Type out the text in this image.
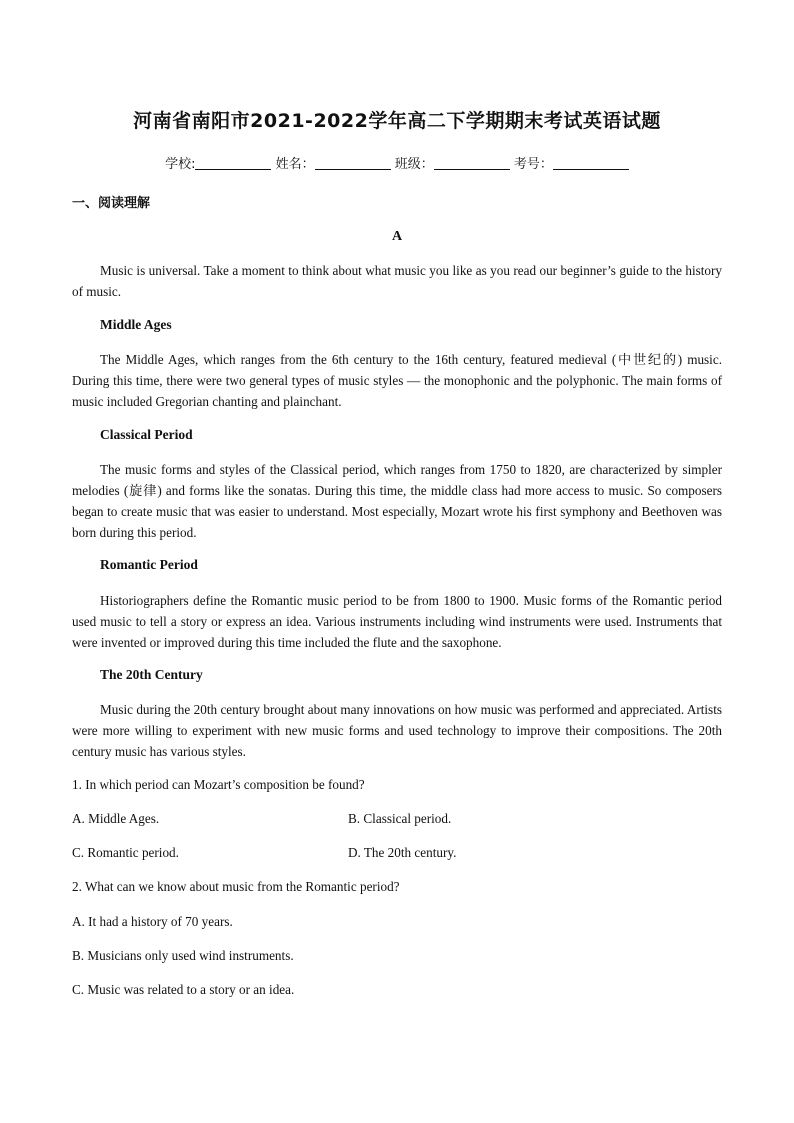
河南省南阳市2021-2022学年高二下学期期末考试英语试题
学校:	姓名：	班级：	考号：
一、阅读理解
A

Music is universal. Take a moment to think about what music you like as you read our beginner’s guide to the history of music.

Middle Ages

The Middle Ages, which ranges from the 6th century to the 16th century, featured medieval (中世纪的) music. During this time, there were two general types of music styles — the monophonic and the polyphonic. The main forms of music included Gregorian chanting and plainchant.

Classical Period

The music forms and styles of the Classical period, which ranges from 1750 to 1820, are characterized by simpler melodies (旋律) and forms like the sonatas. During this time, the middle class had more access to music. So composers began to create music that was easier to understand. Most especially, Mozart wrote his first symphony and Beethoven was born during this period.

Romantic Period

Historiographers define the Romantic music period to be from 1800 to 1900. Music forms of the Romantic period used music to tell a story or express an idea. Various instruments including wind instruments were used. Instruments that were invented or improved during this time included the flute and the saxophone.

The 20th Century

Music during the 20th century brought about many innovations on how music was performed and appreciated. Artists were more willing to experiment with new music forms and used technology to improve their compositions. The 20th century music has various styles.

1. In which period can Mozart’s composition be found?
A. Middle Ages.	B. Classical period.
C. Romantic period.	D. The 20th century.
2. What can we know about music from the Romantic period?
A. It had a history of 70 years.
B. Musicians only used wind instruments.
C. Music was related to a story or an idea.
